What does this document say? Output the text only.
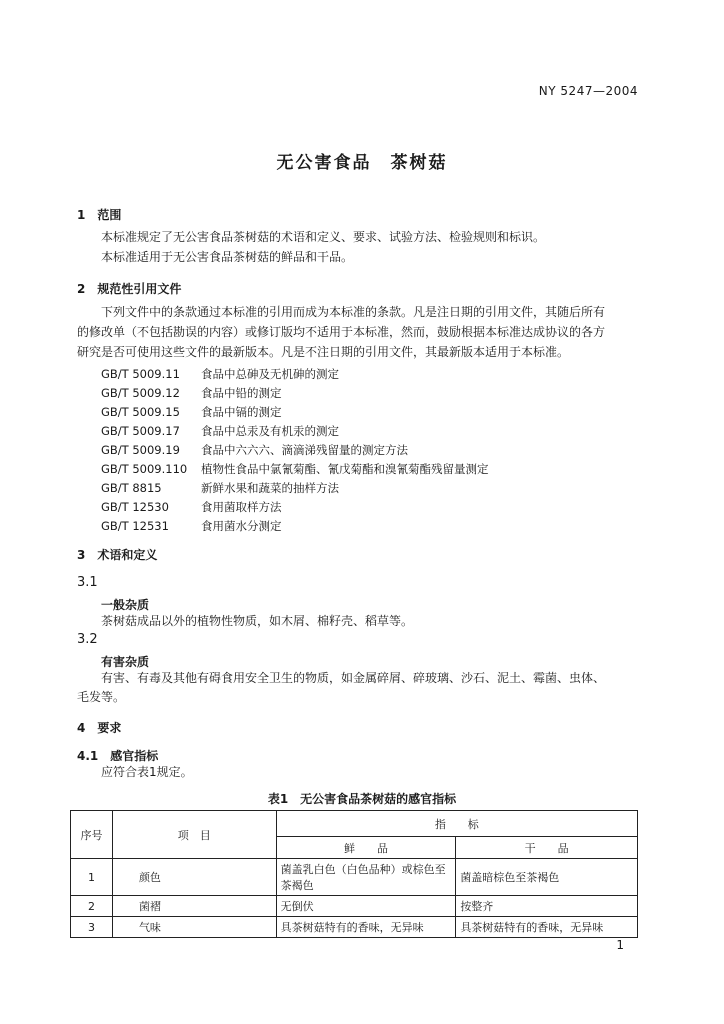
NY 5247—2004
无公害食品　茶树菇
1　范围
本标准规定了无公害食品茶树菇的术语和定义、要求、试验方法、检验规则和标识。
本标准适用于无公害食品茶树菇的鲜品和干品。
2　规范性引用文件
下列文件中的条款通过本标准的引用而成为本标准的条款。凡是注日期的引用文件，其随后所有
的修改单（不包括勘误的内容）或修订版均不适用于本标准，然而，鼓励根据本标准达成协议的各方
研究是否可使用这些文件的最新版本。凡是不注日期的引用文件，其最新版本适用于本标准。
GB/T 5009.11 食品中总砷及无机砷的测定
GB/T 5009.12 食品中铅的测定
GB/T 5009.15 食品中镉的测定
GB/T 5009.17 食品中总汞及有机汞的测定
GB/T 5009.19 食品中六六六、滴滴涕残留量的测定方法
GB/T 5009.110 植物性食品中氯氰菊酯、氰戊菊酯和溴氰菊酯残留量测定
GB/T 8815	新鲜水果和蔬菜的抽样方法
GB/T 12530	食用菌取样方法
GB/T 12531	食用菌水分测定
3　术语和定义
3.1
一般杂质
茶树菇成品以外的植物性物质，如木屑、棉籽壳、稻草等。
3.2
有害杂质
有害、有毒及其他有碍食用安全卫生的物质，如金属碎屑、碎玻璃、沙石、泥土、霉菌、虫体、
毛发等。
4　要求
4.1　感官指标
应符合表1规定。
表1　无公害食品茶树菇的感官指标
序号	项　目	指　　标	
		鲜　　品	干　　品
1	颜色	菌盖乳白色（白色品种）或棕色至茶褐色	菌盖暗棕色至茶褐色
2	菌褶	无倒伏	按整齐
3	气味	具茶树菇特有的香味，无异味	具茶树菇特有的香味，无异味
1
